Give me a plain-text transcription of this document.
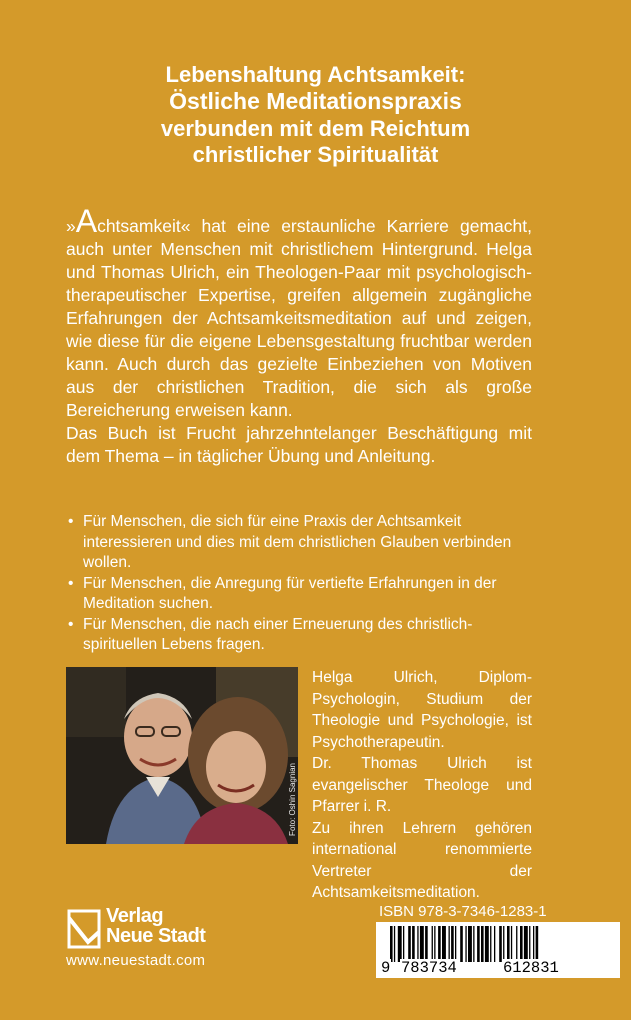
Lebenshaltung Achtsamkeit:
Östliche Meditationspraxis
verbunden mit dem Reichtum
christlicher Spiritualität

»Achtsamkeit« hat eine erstaunliche Karriere gemacht, auch unter Menschen mit christlichem Hintergrund. Helga und Thomas Ulrich, ein Theologen-Paar mit psychologisch-therapeutischer Expertise, greifen allgemein zugängliche Erfahrungen der Achtsamkeitsmeditation auf und zeigen, wie diese für die eigene Lebensgestaltung fruchtbar werden kann. Auch durch das gezielte Einbeziehen von Motiven aus der christlichen Tradition, die sich als große Bereicherung erweisen kann.

Das Buch ist Frucht jahrzehntelanger Beschäftigung mit dem Thema – in täglicher Übung und Anleitung.

• Für Menschen, die sich für eine Praxis der Achtsamkeit interessieren und dies mit dem christlichen Glauben verbinden wollen.
• Für Menschen, die Anregung für vertiefte Erfahrungen in der Meditation suchen.
• Für Menschen, die nach einer Erneuerung des christlich-spirituellen Lebens fragen.
Foto: Oshin Sagnian

Helga Ulrich, Diplom-Psychologin, Studium der Theologie und Psychologie, ist Psychotherapeutin.

Dr. Thomas Ulrich ist evangelischer Theologe und Pfarrer i. R.

Zu ihren Lehrern gehören international renommierte Vertreter der Achtsamkeitsmeditation.

Verlag
Neue Stadt
www.neuestadt.com
ISBN 978-3-7346-1283-1
9 783734	612831
